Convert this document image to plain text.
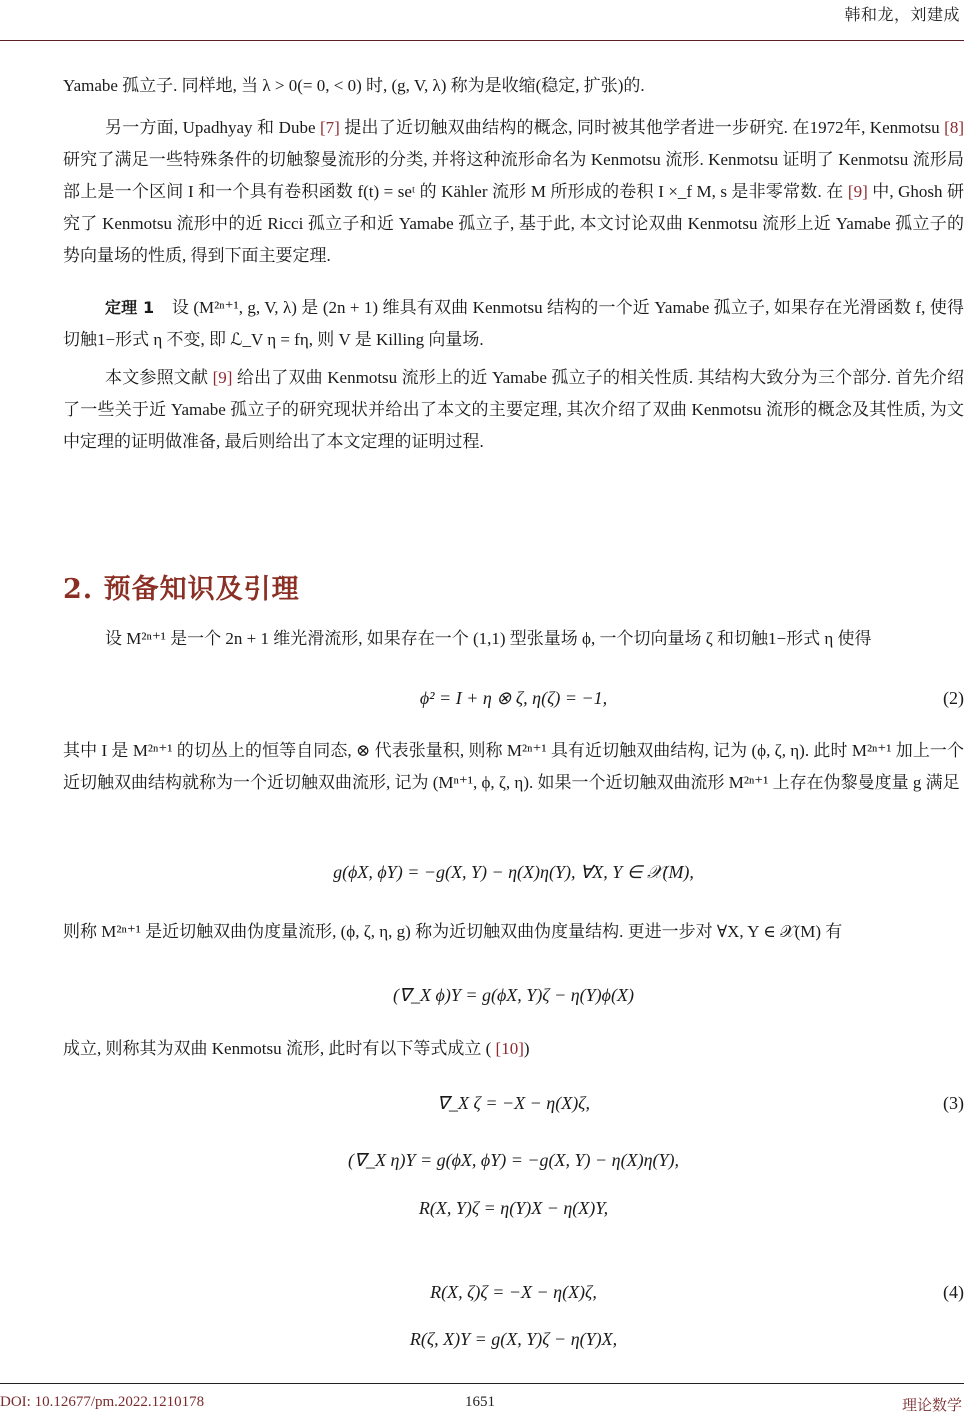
韩和龙，刘建成

Yamabe 孤立子. 同样地, 当 λ > 0(= 0, < 0) 时, (g, V, λ) 称为是收缩(稳定, 扩张)的.

另一方面, Upadhyay 和 Dube [7] 提出了近切触双曲结构的概念, 同时被其他学者进一步研究. 在1972年, Kenmotsu [8] 研究了满足一些特殊条件的切触黎曼流形的分类, 并将这种流形命名为 Kenmotsu 流形. Kenmotsu 证明了 Kenmotsu 流形局部上是一个区间 I 和一个具有卷积函数 f(t) = seᵗ 的 Kähler 流形 M 所形成的卷积 I ×_f M, s 是非零常数. 在 [9] 中, Ghosh 研究了 Kenmotsu 流形中的近 Ricci 孤立子和近 Yamabe 孤立子, 基于此, 本文讨论双曲 Kenmotsu 流形上近 Yamabe 孤立子的势向量场的性质, 得到下面主要定理.

定理 1 设 (M²ⁿ⁺¹, g, V, λ) 是 (2n + 1) 维具有双曲 Kenmotsu 结构的一个近 Yamabe 孤立子, 如果存在光滑函数 f, 使得切触1−形式 η 不变, 即 ℒ_V η = fη, 则 V 是 Killing 向量场.

本文参照文献 [9] 给出了双曲 Kenmotsu 流形上的近 Yamabe 孤立子的相关性质. 其结构大致分为三个部分. 首先介绍了一些关于近 Yamabe 孤立子的研究现状并给出了本文的主要定理, 其次介绍了双曲 Kenmotsu 流形的概念及其性质, 为文中定理的证明做准备, 最后则给出了本文定理的证明过程.

2. 预备知识及引理

设 M²ⁿ⁺¹ 是一个 2n + 1 维光滑流形, 如果存在一个 (1,1) 型张量场 ϕ, 一个切向量场 ζ 和切触1−形式 η 使得

ϕ² = I + η ⊗ ζ, η(ζ) = −1,	(2)

其中 I 是 M²ⁿ⁺¹ 的切丛上的恒等自同态, ⊗ 代表张量积, 则称 M²ⁿ⁺¹ 具有近切触双曲结构, 记为 (ϕ, ζ, η). 此时 M²ⁿ⁺¹ 加上一个近切触双曲结构就称为一个近切触双曲流形, 记为 (Mⁿ⁺¹, ϕ, ζ, η). 如果一个近切触双曲流形 M²ⁿ⁺¹ 上存在伪黎曼度量 g 满足

g(ϕX, ϕY) = −g(X, Y) − η(X)η(Y), ∀X, Y ∈ 𝒳(M),

则称 M²ⁿ⁺¹ 是近切触双曲伪度量流形, (ϕ, ζ, η, g) 称为近切触双曲伪度量结构. 更进一步对 ∀X, Y ∈ 𝒳(M) 有

(∇_X ϕ)Y = g(ϕX, Y)ζ − η(Y)ϕ(X)

成立, 则称其为双曲 Kenmotsu 流形, 此时有以下等式成立 ( [10])

∇_X ζ = −X − η(X)ζ,	(3)
(∇_X η)Y = g(ϕX, ϕY) = −g(X, Y) − η(X)η(Y),
R(X, Y)ζ = η(Y)X − η(X)Y,
R(X, ζ)ζ = −X − η(X)ζ,	(4)
R(ζ, X)Y = g(X, Y)ζ − η(Y)X,
DOI: 10.12677/pm.2022.1210178	1651	理论数学
